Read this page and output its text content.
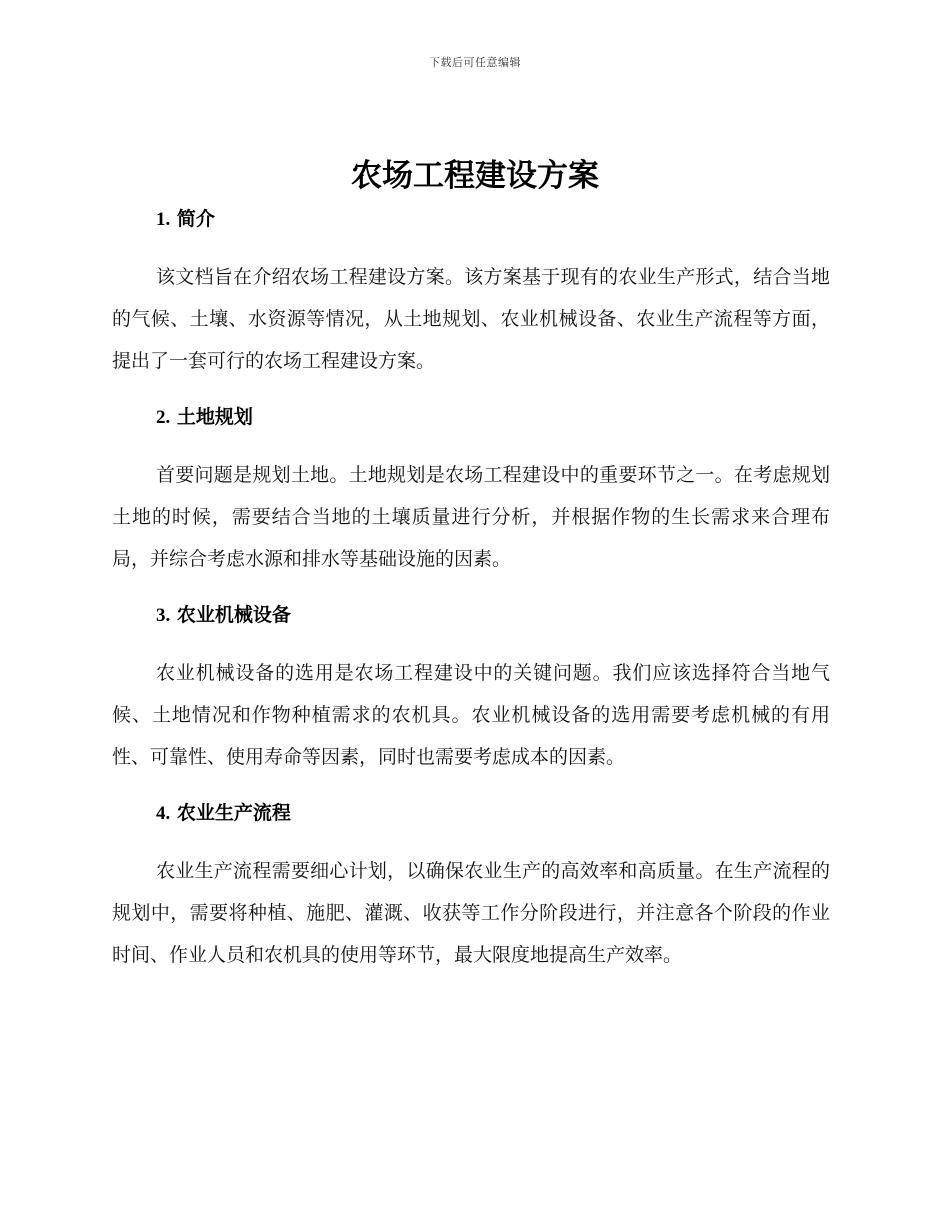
下载后可任意编辑
农场工程建设方案
1. 简介

该文档旨在介绍农场工程建设方案。该方案基于现有的农业生产形式，结合当地的气候、土壤、水资源等情况，从土地规划、农业机械设备、农业生产流程等方面，提出了一套可行的农场工程建设方案。

2. 土地规划

首要问题是规划土地。土地规划是农场工程建设中的重要环节之一。在考虑规划土地的时候，需要结合当地的土壤质量进行分析，并根据作物的生长需求来合理布局，并综合考虑水源和排水等基础设施的因素。

3. 农业机械设备

农业机械设备的选用是农场工程建设中的关键问题。我们应该选择符合当地气候、土地情况和作物种植需求的农机具。农业机械设备的选用需要考虑机械的有用性、可靠性、使用寿命等因素，同时也需要考虑成本的因素。

4. 农业生产流程

农业生产流程需要细心计划，以确保农业生产的高效率和高质量。在生产流程的规划中，需要将种植、施肥、灌溉、收获等工作分阶段进行，并注意各个阶段的作业时间、作业人员和农机具的使用等环节，最大限度地提高生产效率。
